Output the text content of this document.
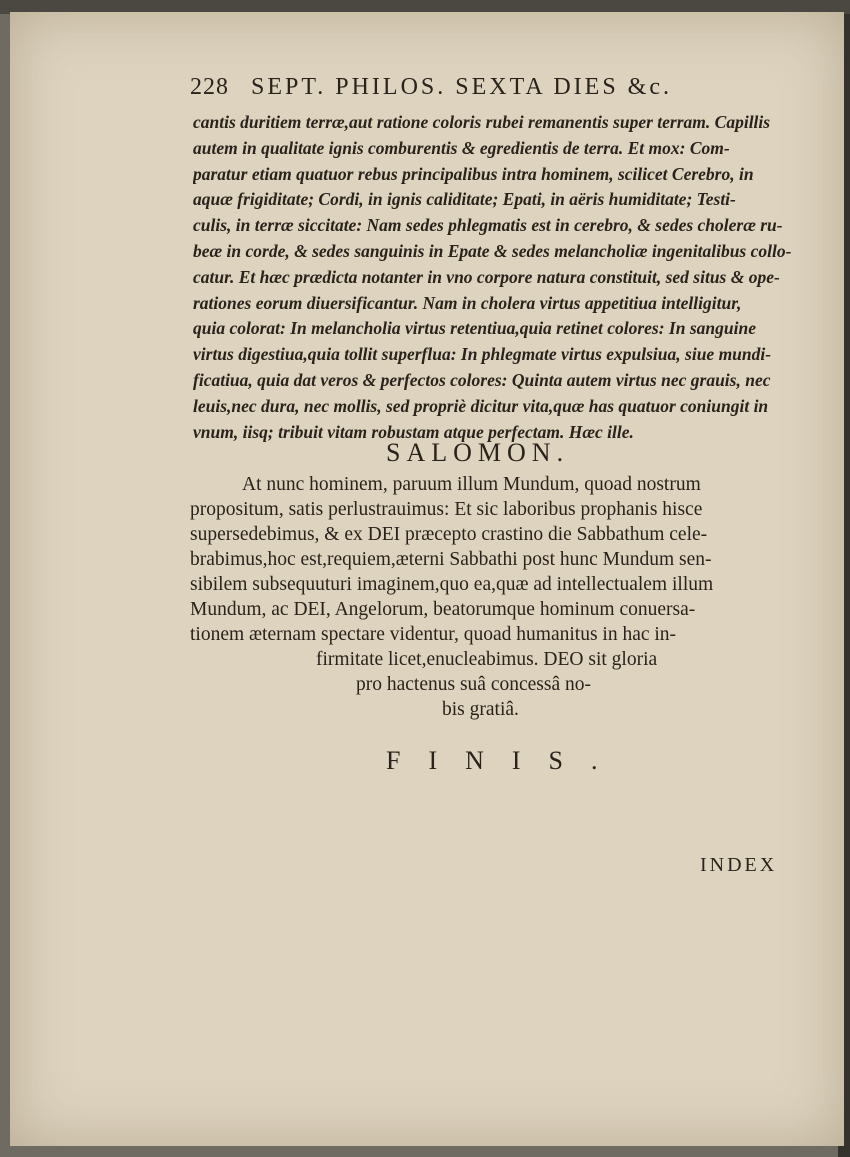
228 SEPT. PHILOS. SEXTA DIES &c.
cantis duritiem terræ,aut ratione coloris rubei remanentis super terram. Capillis
autem in qualitate ignis comburentis & egredientis de terra. Et mox: Com-
paratur etiam quatuor rebus principalibus intra hominem, scilicet Cerebro, in
aquæ frigiditate; Cordi, in ignis caliditate; Epati, in aëris humiditate; Testi-
culis, in terræ siccitate: Nam sedes phlegmatis est in cerebro, & sedes choleræ ru-
beæ in corde, & sedes sanguinis in Epate & sedes melancholiæ ingenitalibus collo-
catur. Et hæc prædicta notanter in vno corpore natura constituit, sed situs & ope-
rationes eorum diuersificantur. Nam in cholera virtus appetitiua intelligitur,
quia colorat: In melancholia virtus retentiua,quia retinet colores: In sanguine
virtus digestiua,quia tollit superflua: In phlegmate virtus expulsiua, siue mundi-
ficatiua, quia dat veros & perfectos colores: Quinta autem virtus nec grauis, nec
leuis,nec dura, nec mollis, sed propriè dicitur vita,quæ has quatuor coniungit in
vnum, iisq; tribuit vitam robustam atque perfectam. Hæc ille.
SALOMON.
At nunc hominem, paruum illum Mundum, quoad nostrum
propositum, satis perlustrauimus: Et sic laboribus prophanis hisce
supersedebimus, & ex DEI præcepto crastino die Sabbathum cele-
brabimus,hoc est,requiem,æterni Sabbathi post hunc Mundum sen-
sibilem subsequuturi imaginem,quo ea,quæ ad intellectualem illum
Mundum, ac DEI, Angelorum, beatorumque hominum conuersa-
tionem æternam spectare videntur, quoad humanitus in hac in-
firmitate licet,enucleabimus. DEO sit gloria
pro hactenus suâ concessâ no-
bis gratiâ.
FINIS.
INDEX
